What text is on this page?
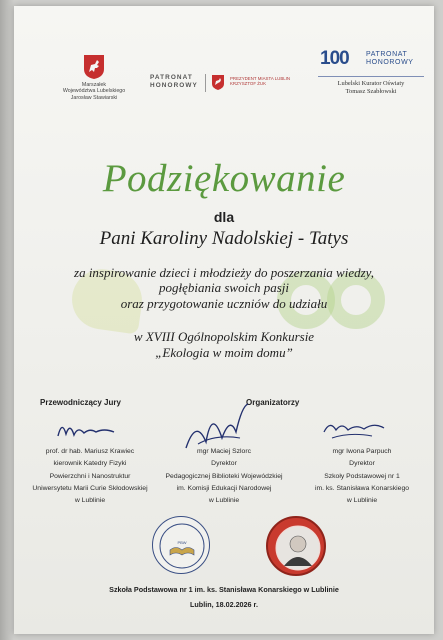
Marszałek
Województwa Lubelskiego
Jarosław Stawiarski
PATRONAT
HONOROWY
PREZYDENT MIASTA LUBLIN
KRZYSZTOF ŻUK
100 PATRONAT
HONOROWY
Lubelski Kurator Oświaty
Tomasz Szabłowski
Podziękowanie
dla
Pani Karoliny Nadolskiej - Tatys
za inspirowanie dzieci i młodzieży do poszerzania wiedzy,
pogłębiania swoich pasji
oraz przygotowanie uczniów do udziału
w XVIII Ogólnopolskim Konkursie
„Ekologia w moim domu”
Przewodniczący Jury	Organizatorzy
prof. dr hab. Mariusz Krawiec
kierownik Katedry Fizyki
Powierzchni i Nanostruktur
Uniwersytetu Marii Curie Skłodowskiej
w Lublinie
mgr Maciej Szlorc
Dyrektor
Pedagogicznej Biblioteki Wojewódzkiej
im. Komisji Edukacji Narodowej
w Lublinie
mgr Iwona Parpuch
Dyrektor
Szkoły Podstawowej nr 1
im. ks. Stanisława Konarskiego
w Lublinie
PBW
Szkoła Podstawowa nr 1 im. ks. Stanisława Konarskiego w Lublinie
Lublin, 18.02.2026 r.
